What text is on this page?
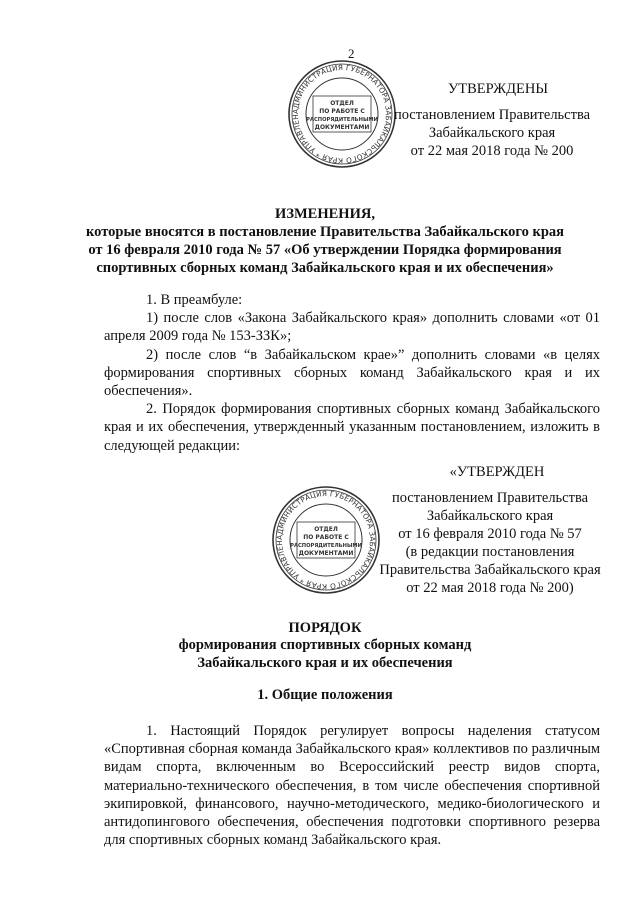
2
АДМИНИСТРАЦИЯ ГУБЕРНАТОРА ЗАБАЙКАЛЬСКОГО КРАЯ * УПРАВЛЕН
ОТДЕЛ
ПО РАБОТЕ С
РАСПОРЯДИТЕЛЬНЫМИ
ДОКУМЕНТАМИ
УТВЕРЖДЕНЫ
постановлением Правительства
Забайкальского края
от 22 мая 2018 года № 200
ИЗМЕНЕНИЯ,
которые вносятся в постановление Правительства Забайкальского края
от 16 февраля 2010 года № 57 «Об утверждении Порядка формирования
спортивных сборных команд Забайкальского края и их обеспечения»

1. В преамбуле:

1) после слов «Закона Забайкальского края» дополнить словами «от 01 апреля 2009 года № 153-ЗЗК»;

2) после слов “в Забайкальском крае»” дополнить словами «в целях формирования спортивных сборных команд Забайкальского края и их обеспечения».

2. Порядок формирования спортивных сборных команд Забайкальского края и их обеспечения, утвержденный указанным постановлением, изложить в следующей редакции:

АДМИНИСТРАЦИЯ ГУБЕРНАТОРА ЗАБАЙКАЛЬСКОГО КРАЯ * УПРАВЛЕН
ОТДЕЛ
ПО РАБОТЕ С
РАСПОРЯДИТЕЛЬНЫМИ
ДОКУМЕНТАМИ
«УТВЕРЖДЕН
постановлением Правительства
Забайкальского края
от 16 февраля 2010 года № 57
(в редакции постановления
Правительства Забайкальского края
от 22 мая 2018 года № 200)
ПОРЯДОК
формирования спортивных сборных команд
Забайкальского края и их обеспечения
1. Общие положения

1. Настоящий Порядок регулирует вопросы наделения статусом «Спортивная сборная команда Забайкальского края» коллективов по различным видам спорта, включенным во Всероссийский реестр видов спорта, материально-технического обеспечения, в том числе обеспечения спортивной экипировкой, финансового, научно-методического, медико-биологического и антидопингового обеспечения, обеспечения подготовки спортивного резерва для спортивных сборных команд Забайкальского края.
